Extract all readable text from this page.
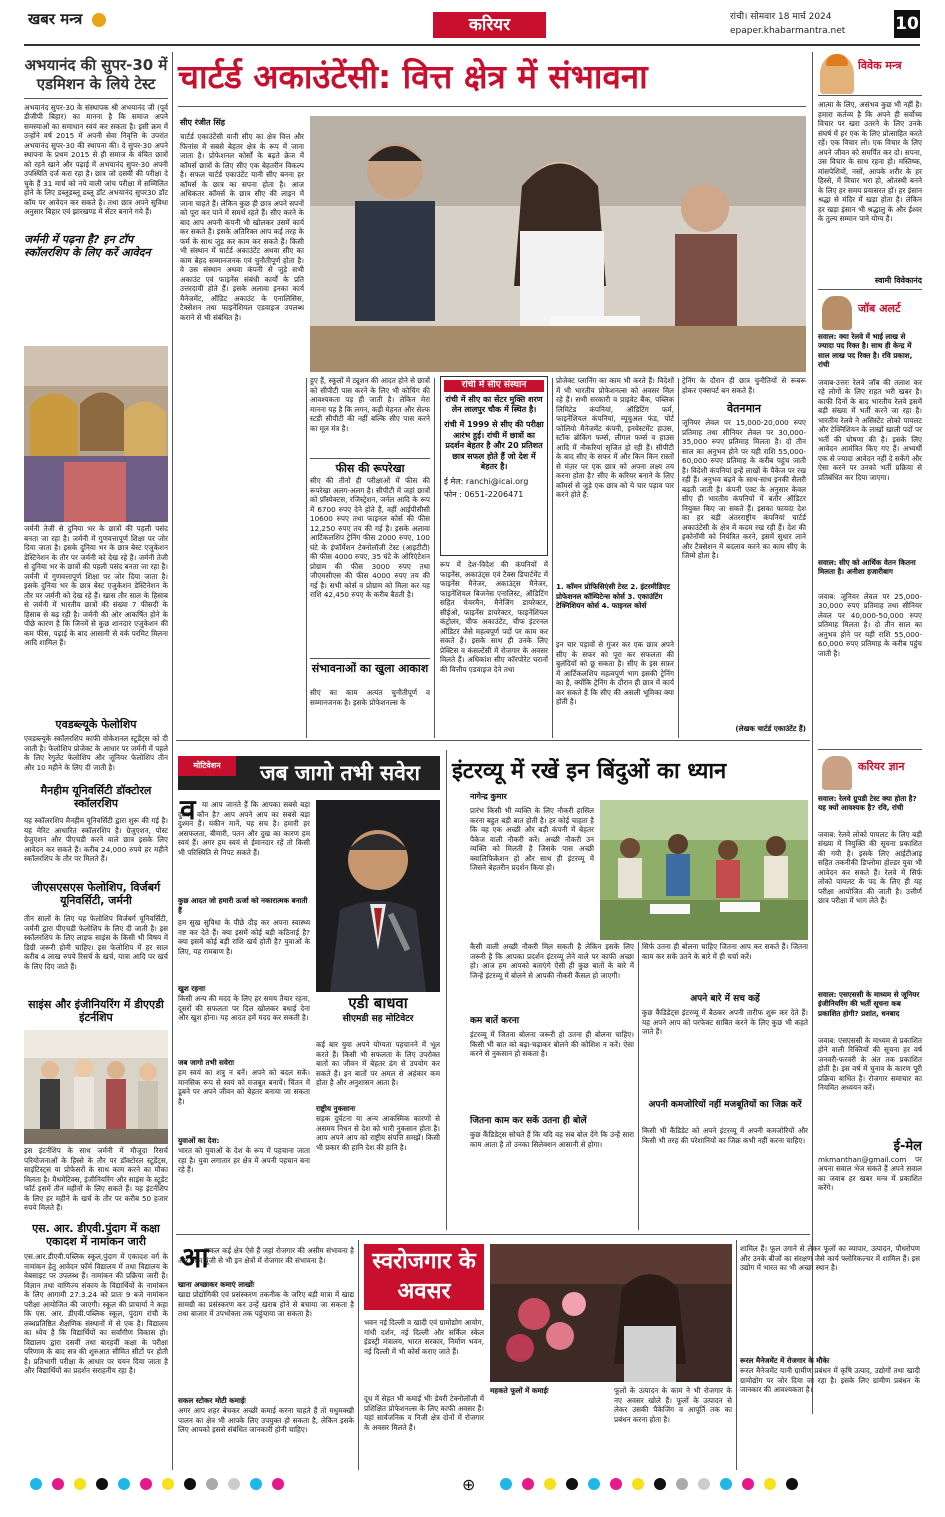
खबर मन्त्र	करियर	रांची। सोमवार 18 मार्च 2024
epaper.khabarmantra.net	10
अभयानंद की सुपर-30 में एडमिशन के लिये टेस्ट
अभयानंद सुपर-30 के संस्थापक श्री अभयानंद जी (पूर्व डीजीपी बिहार) का मानना है कि समाज अपने समस्याओं का समाधान स्वयं कर सकता है। इसी क्रम में उन्होंने वर्ष 2015 में अपनी सेवा निवृत्ति के उपरांत अभयानंद सुपर-30 की स्थापना की। दे सुपर-30 अपने स्थापना के प्रथम 2015 से ही समाज के वंचित छात्रों को रहने खाने और पढ़ाई में अभयानंद सुपर-30 अपनी उपस्थिति दर्ज करा रहा है। छात्र जो दसवीं की परीक्षा दे चुके हैं 31 मार्च को नये वाली जांच परीक्षा में सम्मिलित होने के लिए डब्लूडब्लू डब्लू डॉट अभयानंद सुपर30 डॉट कॉम पर आवेदन कर सकते है। तथा छात्र अपने सुविधा अनुसार बिहार एवं झारखण्ड में सेंटर बनाने गये हैं।
जर्मनी में पढ़ना है? इन टॉप स्कॉलरशिप के लिए करें आवेदन
जर्मनी तेजी से दुनिया भर के छात्रों की पहली पसंद बनता जा रहा है। जर्मनी में गुणवत्तापूर्ण शिक्षा पर जोर दिया जाता है। इसके दुनिया भर के छात्र बेस्ट एजुकेशन डेस्टिनेशन के तौर पर जर्मनी को देख रहे हैं। जर्मनी तेजी से दुनिया भर के छात्रों की पहली पसंद बनता जा रहा है। जर्मनी में गुणवत्तापूर्ण शिक्षा पर जोर दिया जाता है। इसके दुनिया भर के छात्र बेस्ट एजुकेशन डेस्टिनेशन के तौर पर जर्मनी को देख रहे हैं। खास तौर साल के हिसाब से जर्मनी में भारतीय छात्रों की संख्या 7 फीसदी के हिसाब से बढ़ रही है। जर्मनी की ओर आकर्षित होने के पीछे कारण है कि जिनमें से कुछ शानदार एजुकेशन की कम फीस, पढ़ाई के बाद आसानी से वर्क परमिट मिलना आदि शामिल हैं।
एवडब्ल्यूके फेलोशिप
एवडब्ल्यूके स्कॉलरशिप काफी वोकेशनल स्टूडेंट्स को दी जाती है। फेलोशिप प्रोजेक्ट के आधार पर जर्मनी में पहले के लिए रेगुलेट फेलोशिप और जूनियर फेलोशिप तीन और 10 महीने के लिए दी जाती है।
मैनहीम यूनिवर्सिटी डॉक्टोरल स्कॉलरशिप
यह स्कॉलरशिप मैनहीम यूनिवर्सिटी द्वारा शुरू की गई है। यह मेरिट आधारित स्कॉलरशिप है। ग्रेजुएशन, पोस्ट ग्रेजुएशन और पीएचडी करने वाले छात्र इसके लिए आवेदन कर सकते हैं। करीब 24,000 रुपये हर महीने स्कॉलरशिप के तौर पर मिलते हैं।
जीएसएसएस फेलोशिप, विर्जबर्ग यूनिवर्सिटी, जर्मनी
तीन सालों के लिए यह फेलोशिप विर्जबर्ग यूनिवर्सिटी, जर्मनी द्वारा पीएचडी फेलोशिप के लिए दी जाती है। इस स्कॉलरशिप के लिए लाइफ साइंस के किसी भी विषय में डिग्री जरूरी होनी चाहिए। इस फेलोशिप में हर साल करीब 4 लाख रुपये रिसर्च के खर्च, यात्रा आदि पर खर्च के लिए दिए जाते हैं।
साइंस और इंजीनियरिंग में डीएएडी इंटर्नशिप
इस इंटर्नशिप के साथ जर्मनी में मौजूदा रिसर्च परियोजनाओं के हिस्से के तौर पर डॉक्टोरल स्टूडेंट्स, साइंटिस्ट्स या प्रोफेसरों के साथ काम करने का मौका मिलता है। मैथमेटिक्स, इंजीनियरिंग और साइंस के स्टूडेंट फॉर्ट इसमें तीन महीनों के लिए सकते हैं। यह इंटर्नशिप के लिए हर महीने के खर्च के तौर पर करीब 50 हजार रुपये मिलते हैं।
एस. आर. डीएवी.पुंदाग में कक्षा एकादश में नामांकन जारी
एस.आर.डीएवी.पब्लिक स्कूल,पुंदाग में एकादश वर्ग के नामांकन हेतु आवेदन फॉर्म विद्यालय में तथा विद्यालय के वेबसाइट पर उपलब्ध हैं। नामांकन की प्रक्रिया जारी है। विज्ञान तथा वाणिज्य संकाय के विद्यार्थियों के नामांकन के लिए आगामी 27.3.24 को प्रातः 9 बजे नामांकन परीक्षा आयोजित की जाएगी। स्कूल की प्राचार्या ने कहा कि एस. आर. डीएवी.पब्लिक स्कूल, पुंदाग रांची के लब्धप्रतिष्ठित शैक्षणिक संस्थानों में से एक है। विद्यालय का ध्येय है कि विद्यार्थियों का सर्वांगीण विकास हो। विद्यालय द्वारा दसवीं तथा बारहवीं कक्षा के परीक्षा परिणाम के बाद सत्र की शुरुआत सीमित सीटों पर होती है। प्रतिभागी परीक्षा के आधार पर चयन दिया जाता है और विद्यार्थियों का प्रदर्शन सराहनीय रहा है।
चार्टर्ड अकाउंटेंसी: वित्त क्षेत्र में संभावना
सीए रंजीत सिंह
चार्टर्ड एकाउंटेंसी यानी सीए का क्षेत्र वित्त और फिनांस में सबसे बेहतर क्षेत्र के रूप में जाना जाता है। प्रोफेशनल कोर्सों के बढ़ते क्रेज में कॉमर्स छात्रों के लिए सीए एक बेहतरीन विकल्प है। सफल चार्टर्ड एकाउंटेंट यानी सीए बनना हर कॉमर्स के छात्र का सपना होता है। आज अधिकतर कॉमर्स के छात्र सीए की लाइन में जाना चाहते हैं। लेकिन कुछ ही छात्र अपने सपनों को पूरा कर पाने में समर्थ रहते हैं। सीए करने के बाद आप अपनी कंपनी भी खोलकर उसमें कार्य कर सकते हैं। इसके अतिरिक्त आप कई तरह के फर्म के साथ जुड़ कर काम कर सकते हैं। किसी भी संस्थान में चार्टर्ड अकाउंटेंट अथवा सीए का काम बेहद सम्मानजनक एवं चुनौतीपूर्ण होता है। वे उस संस्थान अथवा कंपनी से जुड़े सभी अकाउंट एवं फाइनेंस संबंधी कार्यों के प्रति उत्तरदायी होते हैं। इसके अलावा इनका कार्य मैनेजमेंट, ऑडिट अकाउंट के एनालिसिस, टैक्सेशन तथा फाइनेंशियल एडवाइज उपलब्ध कराने से भी संबंधित है।
हुए हैं, स्कूलों में ट्यूशन की आदत होने से छात्रों को सीपीटी पास करने के लिए भी कोचिंग की आवश्यकता पड़ ही जाती है। लेकिन मेरा मानना यह है कि लगन, कड़ी मेहनत और सेल्फ स्टडी सीपीटी की नहीं बल्कि सीए पास करने का मूल मंत्र है।
फीस की रूपरेखा
सीए की तीनों ही परीक्षाओं में फीस की रूपरेखा अलग-अलग है। सीपीटी में जहां छात्रों को प्रॉस्पेक्टस, रजिस्ट्रेशन, जर्नल आदि के रूप में 6700 रुपए देने होते हैं, वहीं आईपीसीसी 10600 रुपए तथा फाइनल कोर्स की फीस 12,250 रुपए तय की गई है। इसके अलावा आर्टिकलशिप ट्रेनिंग फीस 2000 रुपए, 100 घंटे के इंफॉर्मेशन टेक्नोलॉजी टेस्ट (आइटीटी) की फीस 4000 रुपए, 35 घंटे के ओरिएंटेशन प्रोग्राम की फीस 3000 रुपए तथा जीएमसीएस की फीस 4000 रुपए तय की गई है। सभी कोर्स व प्रोग्राम को मिला कर यह राशि 42,450 रुपए के करीब बैठती है।
संभावनाओं का खुला आकाश
सीए का काम अत्यंत चुनौतीपूर्ण व सम्मानजनक है। इसके प्रोफेशनल्स के
रांची में सीए संस्थान
रांची में सीए का सेंटर मुक्ति शरण लेन लालपुर चौक में स्थित है।
रांची में 1999 से सीए की परीक्षा आरंभ हुई। रांची में छात्रों का प्रदर्शन बेहतर है और 20 प्रतिशत छात्र सफल होते हैं जो देश में बेहतर है।
ई मेल: ranchi@icai.org
फोन : 0651-2206471
रूप में देश-विदेश की कंपनियों में फाइनेंस, अकाउंट्स एवं टैक्स डिपार्टमेंट में फाइनेंस मैनेजर, अकाउंट्स मैनेजर, फाइनेंशियल बिजनेस एनालिस्ट, ऑडिटिंग सहित चेयरमैन, मैनेजिंग डायरेक्टर, सीईओ, फाइनेंस डायरेक्टर, फाइनेंशियल कंट्रोलर, चीफ अकाउंटेंट, चीफ इंटरनल ऑडिटर जैसे महत्वपूर्ण पदों पर काम कर सकते हैं। इसके साथ ही उनके लिए प्रेक्टिस व कंसल्टेंसी में रोजगार के अवसर मिलते हैं। अधिकांश सीए कॉरपोरेट घरानों की वित्तीय एडवाइज देने तथा
प्रोजेक्ट प्लानिंग का काम भी करते हैं। विदेशों में भी भारतीय प्रोफेशनल्स को अवसर मिल रहे हैं। सभी सरकारी व प्राइवेट बैंक, पब्लिक लिमिटेड कंपनियां, ऑडिटिंग फर्म, फाइनेंशियल कंपनियां, म्यूचुअल फंड, पोर्ट फोलियो मैनेजमेंट कंपनी, इनवेस्टमेंट हाउस, स्टॉक ब्रोकिंग फर्म्स, लीगल फर्म्स व हाउस आदि में नौकरियां सृजित हो रही हैं। सीपीटी के बाद सीए के सफर में और किन किन रास्तों से मंज़र पर एक छात्र को अपना लक्ष्य तय करना होता है? सीए के करियर बनाने के लिए कॉमर्स से जुड़े एक छात्र को ये चार पड़ाव पार करने होते हैं:
1. कॉमन प्रोफिसिएंसी टेस्ट 2. इंटरमीडिएट प्रोफेशनल कॉम्पिटेन्स कोर्स 3. एकाउंटिंग टेक्निशियन कोर्स 4. फाइनल कोर्स
इन चार पड़ावों से गुजर कर एक छात्र अपने सीए के सफर को पूरा कर सफलता की बुलंदियों को छू सकता है। सीए के इस सफ़र में आर्टिकलशिप महत्वपूर्ण भाग इसकी ट्रेनिंग का है, क्योंकि ट्रेनिंग के दौरान ही छात्र में कार्य कर सकते हैं कि सीए की असली भूमिका क्या होती है।
ट्रेनिंग के दौरान ही छात्र चुनौतियों से रूबरू होकर एक्सपर्ट बन सकते हैं।
वेतनमान
जूनियर लेवल पर 15,000-20,000 रुपए प्रतिमाह तथा सीनियर लेवल पर 30,000-35,000 रुपए प्रतिमाह मिलता है। दो तीन साल का अनुभव होने पर यही राशि 55,000-60,000 रुपए प्रतिमाह के करीब पहुंच जाती है। विदेशी कंपनियां इन्हें लाखों के पैकेज पर रख रही हैं। अनुभव बढ़ने के साथ-साथ इनकी सैलरी बढ़ती जाती है। कंपनी एक्ट के अनुसार केवल सीए ही भारतीय कंपनियों में बतौर ऑडिटर नियुक्त किए जा सकते हैं। इसका फायदा देश का हर बड़ी अंतरराष्ट्रीय कंपनियां चार्टर्ड अकाउंटेंसी के क्षेत्र में कदम रख रही हैं। देश की इकोनॉमी को नियंत्रित करने, इसमें सुधार लाने और टैक्सेशन में बदलाव करने का काम सीए के जिम्मे होता है।
(लेखक चार्टर्ड एकाउंटेंट हैं)
विवेक मन्त्र
आत्मा के लिए, असंभव कुछ भी नहीं है। हमारा कर्तव्य है कि अपने ही सर्वोच्च विचार पर खरा उतरने के लिए उनके संघर्ष में हर एक के लिए प्रोत्साहित करते रहें। एक विचार लो। एक विचार के लिए अपने जीवन को समर्पित कर दो। सपना, उस विचार के साथ रहना हो। मस्तिष्क, मांसपेशियों, नसों, आपके शरीर के हर हिस्से, में विचार भरा हो, ओतस्थी बनने के लिए हर समय प्रयासरत हों। हर इंसान श्रद्धा से मंदिर में खड़ा होता है। लेकिन हर खड़ा इंसान भी श्रद्धालु के और ईश्वर के तुल्य सम्मान पाने योग्य है।
स्वामी विवेकानंद
जॉब अलर्ट
सवाल: क्या रेलवे में भाई लाख से ज्यादा पद रिक्त है। साथ ही केन्द्र में साल लाख पद रिक्त है। रवि प्रकाश, रांची
जवाब-उत्तरः रेलवे जॉब की तलाश कर रहे लोगों के लिए राहत भरी खबर है। काफी दिनों के बाद भारतीय रेलवे इसमें बड़ी संख्या में भर्ती करने जा रहा है। भारतीय रेलवे ने असिस्टेंट लोको पायलट और टेक्निशियन के लाखों खाली पदों पर भर्ती की घोषणा की है। इसके लिए आवेदन आमंत्रित किए गए हैं। अभ्यर्थी एक से ज्यादा आवेदन नहीं दे सकेंगे और ऐसा करने पर उनको भर्ती प्रक्रिया से प्रतिबंधित कर दिया जाएगा।
सवाल: सीए को आर्थिक वेतन कितना मिलता है। अनीशा हजारीबाग
जवाब: जूनियर लेवल पर 25,000-30,000 रुपए प्रतिमाह तथा सीनियर लेवल पर 40,000-50,000 रुपए प्रतिमाह मिलता है। दो तीन साल का अनुभव होने पर यही राशि 55,000-60,000 रुपए प्रतिमाह के करीब पहुंच जाती है।
करियर ज्ञान
सवाल: रेलवे ग्रुपडी टेस्ट क्या होता है? यह क्यों आवश्यक है? रवि, रांची
जवाब: रेलवे लोको पायलट के लिए बड़ी संख्या में नियुक्ति की सूचना प्रकाशित की गयी है। इसके लिए आईटीआइ सहित तकनीकी डिप्लोमा होल्डर युवा भी आवेदन कर सकते हैं। रेलवे में सिर्फ लोको पायलट के पद के लिए ही यह परीक्षा आयोजित की जाती है। उत्तीर्ण छात्र परीक्षा में भाग लेते हैं।
सवाल: एसएससी के माध्यम से जूनियर इंजीनियरिंग की भर्ती सूचना कब प्रकाशित होगी? प्रशांत, धनबाद
जवाब: एसएससी के माध्यम से प्रकाशित होने वाली रिक्तियों की सूचना हर वर्ष जनवरी-फरवरी के अंत तक प्रकाशित होती है। इस वर्ष में चुनाव के कारण पूरी प्रक्रिया बाधित है। रोजगार समाचार का नियमित अध्ययन करें।
ई-मेल
mkmanthan@gmail.com पर अपना सवाल भेज सकते हैं अपने सवाल का जवाब हर खबर मन्त्र में प्रकाशित करेंगे।
मोटिवेशन	जब जागो तभी सवेरा
व या आप जानते हैं कि आपका सबसे बड़ा दुश्मन कौन है? आप अपने आप का सबसे बड़ा दुश्मन हैं। यकीन मानें, यह सच है। हमारी हर असफलता, बीमारी, पतन और दुख का कारण हम स्वयं हैं। अगर हम स्वयं से ईमानदार रहें तो किसी भी परिस्थिति से निपट सकते हैं।
कुछ आदत जो हमारी ऊर्जा को नकारात्मक बनाती हैं
हम सुख सुविधा के पीछे दौड़ कर अपना स्वास्थ्य नष्ट कर देते हैं। क्या इसमें कोई बड़ी कठिनाई है? क्या इसमें कोई बड़ी राशि खर्च होती है? युवाओं के लिए, यह रामबाण है।
खुश रहनाः
किसी अन्य की मदद के लिए हर समय तैयार रहना, दूसरों की सफलता पर दिल खोलकर बधाई देना और खुश होना। यह आदत हमें मदद कर सकती है।
जब जागो तभी सवेराः
हम स्वयं का शत्रु न बनें। अपने को बदल सकें। मानसिक रूप से स्वयं को मजबूत बनायें। चिंतन में डूबने पर अपने जीवन को बेहतर बनाया जा सकता है।
युवाओं का देश:
भारत को युवाओं के देश के रूप में पहचाना जाता रहा है। युवा लगातार हर क्षेत्र में अपनी पहचान बना रहे हैं।
एडी बाधवा
सीएमडी सह मोटिवेटर
कई बार युवा अपने योग्यता पहचानने में भूल करते हैं। किसी भी सफलता के लिए उपरोक्त बातों का जीवन में बेहतर ढंग से उपयोग कर सकते हैं। इन बातों पर अमल से अहंकार कम होता है और अनुशासन आता है।
राष्ट्रीय नुकसानः
सड़क दुर्घटना या अन्य आकस्मिक कारणों से असमय निधन से देश को भारी नुकसान होता है। आप अपने आप को राष्ट्रीय संपत्ति समझें। किसी भी प्रकार की हानि देश की हानि है।
इंटरव्यू में रखें इन बिंदुओं का ध्यान
नागेन्द्र कुमार
प्रारंभ किसी भी व्यक्ति के लिए नौकरी हासिल करना बहुत बड़ी बात होती है। हर कोई चाहता है कि वह एक अच्छी और बड़ी कंपनी में बेहतर पैकेज वाली नौकरी करें। अच्छी नौकरी उन व्यक्ति को मिलती है जिसके पास अच्छी क्वालिफिकेशन हो और साथ ही इंटरव्यू में जिसने बेहतरीन प्रदर्शन किया हो।
कैसी वाली अच्छी नौकरी मिल सकती है लेकिन इसके लिए जरूरी है कि आपका प्रदर्शन इंटरव्यू लेने वाले पर काफी अच्छा हो। आज हम आपको बताएंगे ऐसी ही कुछ बातों के बारे में जिन्हें इंटरव्यू में बोलने से आपकी नौकरी कैंसल हो जाएगी।
कम बातें करना
इंटरव्यू में जितना बोलना जरूरी हो उतना ही बोलना चाहिए। किसी भी बात को बढ़ा-चढ़ाकर बोलने की कोशिश न करें। ऐसा करने से नुकसान हो सकता है।
जितना काम कर सकें उतना ही बोलें
कुछ कैंडिडेट्स सोचते हैं कि यदि वह सब बोल देंगे कि उन्हें सारा काम आता है तो उनका सिलेक्शन आसानी से होगा।
सिर्फ उतना ही बोलना चाहिए जितना आप कर सकते हैं। जितना काम कर सकें उतने के बारे में ही चर्चा करें।
अपने बारे में सच कहें
कुछ कैंडिडेट्स इंटरव्यू में बैठकर अपनी तारीफ शुरू कर देते हैं। यह अपने आप को परफेक्ट साबित करने के लिए कुछ भी कहते जाते हैं।
अपनी कमजोरियों नहीं मजबूतियों का जिक्र करें
किसी भी कैंडिडेट को अपने इंटरव्यू में अपनी कमजोरियों और किसी भी तरह की परेशानियों का जिक्र कभी नहीं करना चाहिए।
आ
जकल कई क्षेत्र ऐसे हैं जहां रोजगार की असीम संभावना है और काम पूंजी से भी इन क्षेत्रों में रोजगार की संभावना है।
खाना अच्छाकर कमाएं लाखोंः
खाद्य प्रोद्योगिकी एवं प्रसंस्करण तकनीक के जरिए बड़ी मात्रा में खाद्य सामग्री का प्रसंस्करण कर उन्हें खराब होने से बचाया जा सकता है तथा बाजार में उपभोक्ता तक पहुंचाया जा सकता है।
सकल स्टोकर मोटी कमाईः
अगर आप शहर बेचकर अच्छी कमाई करना चाहते हैं तो मधुमक्खी पालन का क्षेत्र भी आपके लिए उपयुक्त हो सकता है, लेकिन इसके लिए आपको इससे संबंधित जानकारी होनी चाहिए।
स्वरोजगार के अवसर
भवन नई दिल्ली व खादी एवं ग्रामोद्योग आयोग, गांधी दर्शन, नई दिल्ली और सर्किल स्केल इंडस्ट्री मंत्रालय, भारत सरकार, निर्माण भवन, नई दिल्ली में भी कोर्स कराए जाते हैं।
दूध में सेहत भी कमाई भीः डेयरी टेक्नोलॉजी में प्रशिक्षित प्रोफेशनल्स के लिए काफी अवसर हैं। यहां सार्वजनिक व निजी क्षेत्र दोनों में रोजगार के अवसर मिलते हैं।
महकते फूलों में कमाईः	फूलों के उत्पादन के काम ने भी रोजगार के नए अवसर खोले हैं। फूलों के उत्पादन से लेकर उसकी पैकेजिंग व आपूर्ति तक का प्रबंधन करना होता है।
शामिल हैं। फूल उगाने से लेकर फूलों का व्यापार, उत्पादन, पौधरोपण और उनके बीजों का संरक्षण जैसे कार्य फ्लोरिकल्चर में शामिल हैं। इस उद्योग में भारत का भी अच्छा स्थान है।
रूरल मैनेजमेंट में रोजगार के मौकेः
रूरल मैनेजमेंट यानी ग्रामीण प्रबंधन में कृषि उत्पाद, उद्योगों तथा खादी ग्रामोद्योग पर जोर दिया जा रहा है। इसके लिए ग्रामीण प्रबंधन के जानकार की आवश्यकता है।
⊕
